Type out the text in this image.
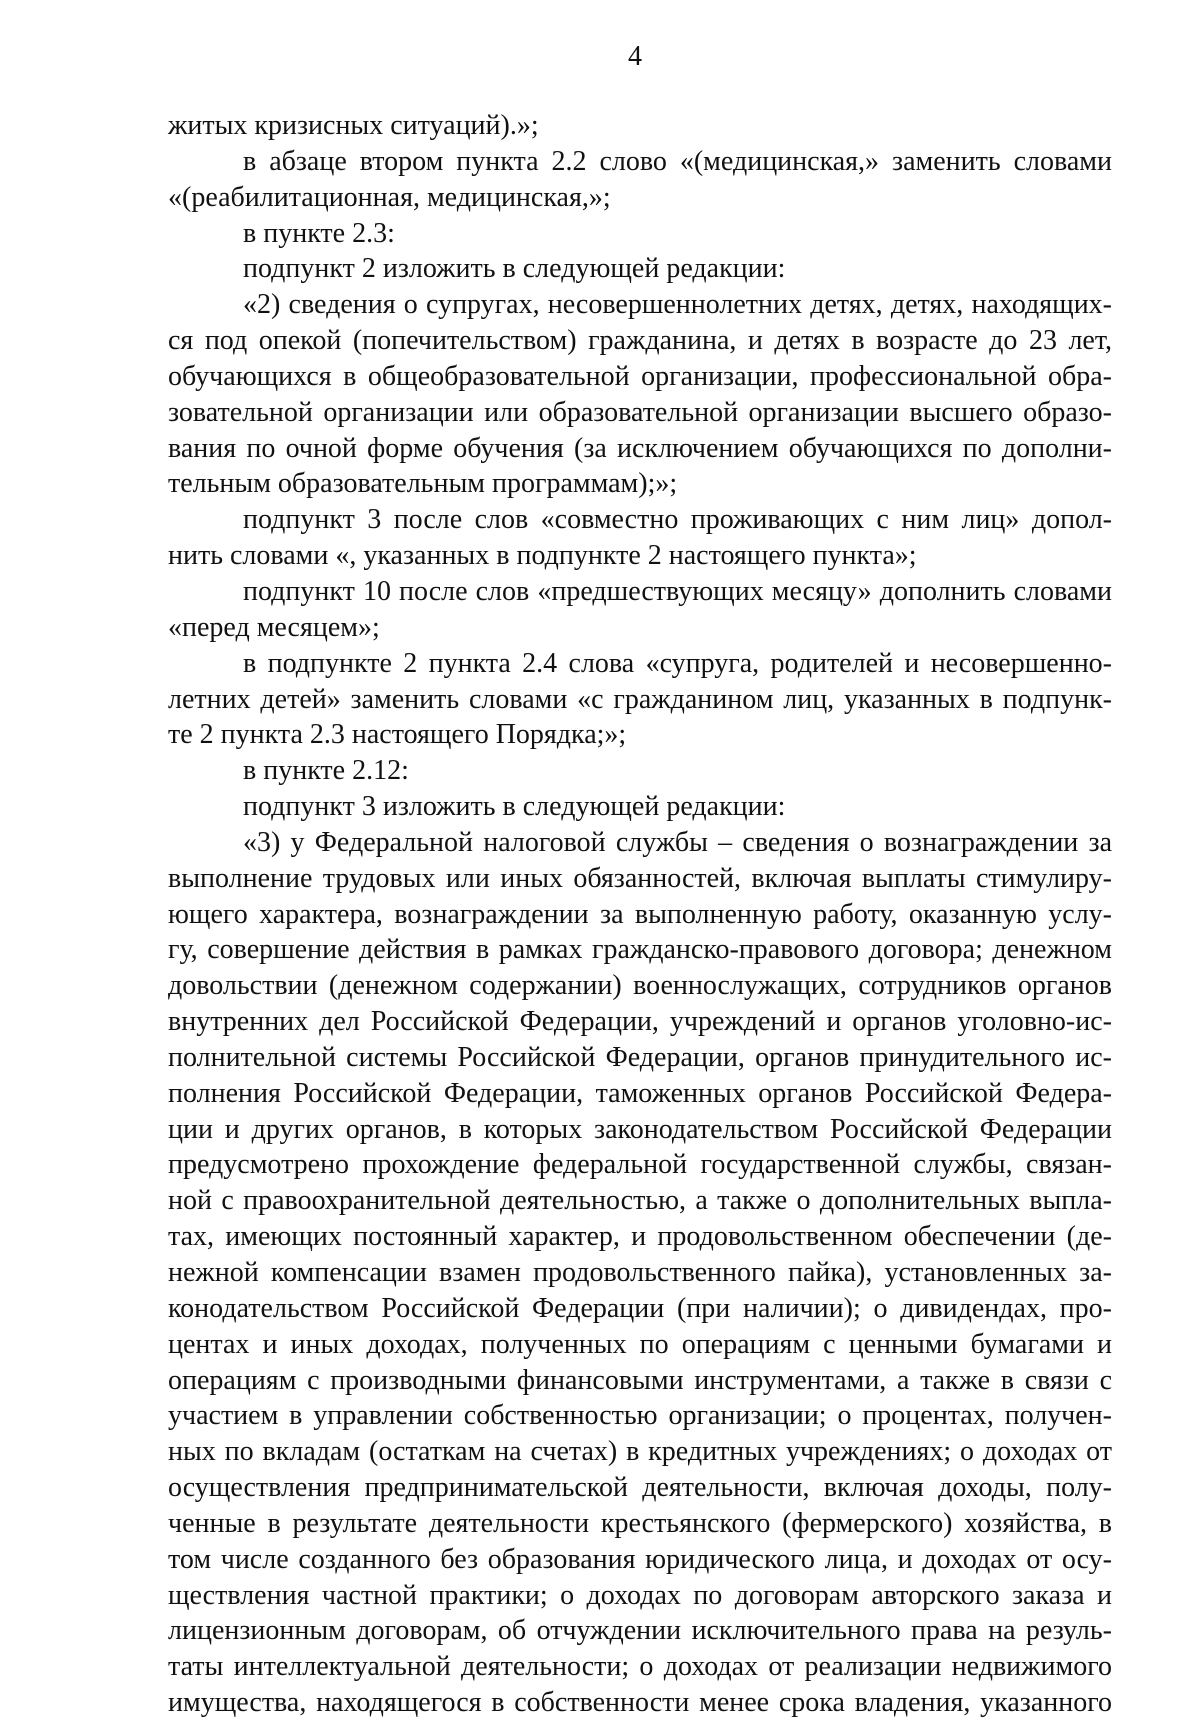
4
житых кризисных ситуаций).»;
в абзаце втором пункта 2.2 слово «(медицинская,» заменить словами
«(реабилитационная, медицинская,»;
в пункте 2.3:
подпункт 2 изложить в следующей редакции:
«2) сведения о супругах, несовершеннолетних детях, детях, находящих-
ся под опекой (попечительством) гражданина, и детях в возрасте до 23 лет,
обучающихся в общеобразовательной организации, профессиональной обра-
зовательной организации или образовательной организации высшего образо-
вания по очной форме обучения (за исключением обучающихся по дополни-
тельным образовательным программам);»;
подпункт 3 после слов «совместно проживающих с ним лиц» допол-
нить словами «, указанных в подпункте 2 настоящего пункта»;
подпункт 10 после слов «предшествующих месяцу» дополнить словами
«перед месяцем»;
в подпункте 2 пункта 2.4 слова «супруга, родителей и несовершенно-
летних детей» заменить словами «с гражданином лиц, указанных в подпунк-
те 2 пункта 2.3 настоящего Порядка;»;
в пункте 2.12:
подпункт 3 изложить в следующей редакции:
«3) у Федеральной налоговой службы – сведения о вознаграждении за
выполнение трудовых или иных обязанностей, включая выплаты стимулиру-
ющего характера, вознаграждении за выполненную работу, оказанную услу-
гу, совершение действия в рамках гражданско-правового договора; денежном
довольствии (денежном содержании) военнослужащих, сотрудников органов
внутренних дел Российской Федерации, учреждений и органов уголовно-ис-
полнительной системы Российской Федерации, органов принудительного ис-
полнения Российской Федерации, таможенных органов Российской Федера-
ции и других органов, в которых законодательством Российской Федерации
предусмотрено прохождение федеральной государственной службы, связан-
ной с правоохранительной деятельностью, а также о дополнительных выпла-
тах, имеющих постоянный характер, и продовольственном обеспечении (де-
нежной компенсации взамен продовольственного пайка), установленных за-
конодательством Российской Федерации (при наличии); о дивидендах, про-
центах и иных доходах, полученных по операциям с ценными бумагами и
операциям с производными финансовыми инструментами, а также в связи с
участием в управлении собственностью организации; о процентах, получен-
ных по вкладам (остаткам на счетах) в кредитных учреждениях; о доходах от
осуществления предпринимательской деятельности, включая доходы, полу-
ченные в результате деятельности крестьянского (фермерского) хозяйства, в
том числе созданного без образования юридического лица, и доходах от осу-
ществления частной практики; о доходах по договорам авторского заказа и
лицензионным договорам, об отчуждении исключительного права на резуль-
таты интеллектуальной деятельности; о доходах от реализации недвижимого
имущества, находящегося в собственности менее срока владения, указанного
